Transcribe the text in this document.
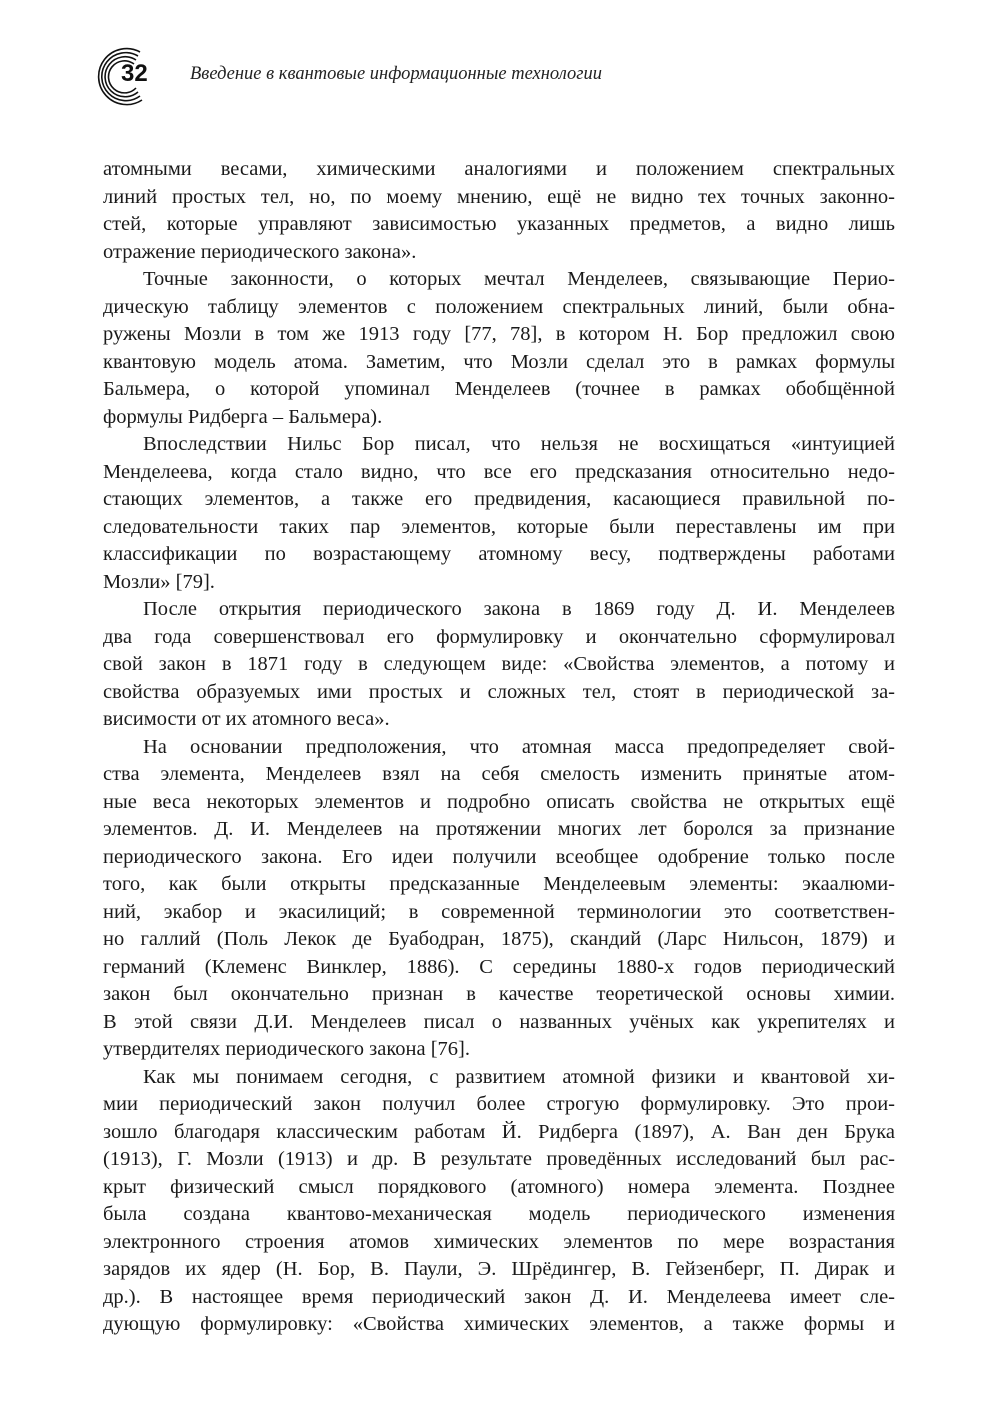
32 Введение в квантовые информационные технологии
атомными весами, химическими аналогиями и положением спектральных
линий простых тел, но, по моему мнению, ещё не видно тех точных законно-
стей, которые управляют зависимостью указанных предметов, а видно лишь
отражение периодического закона».
Точные законности, о которых мечтал Менделеев, связывающие Перио-
дическую таблицу элементов с положением спектральных линий, были обна-
ружены Мозли в том же 1913 году [77, 78], в котором Н. Бор предложил свою
квантовую модель атома. Заметим, что Мозли сделал это в рамках формулы
Бальмера, о которой упоминал Менделеев (точнее в рамках обобщённой
формулы Ридберга – Бальмера).
Впоследствии Нильс Бор писал, что нельзя не восхищаться «интуицией
Менделеева, когда стало видно, что все его предсказания относительно недо-
стающих элементов, а также его предвидения, касающиеся правильной по-
следовательности таких пар элементов, которые были переставлены им при
классификации по возрастающему атомному весу, подтверждены работами
Мозли» [79].
После открытия периодического закона в 1869 году Д. И. Менделеев
два года совершенствовал его формулировку и окончательно сформулировал
свой закон в 1871 году в следующем виде: «Свойства элементов, а потому и
свойства образуемых ими простых и сложных тел, стоят в периодической за-
висимости от их атомного веса».
На основании предположения, что атомная масса предопределяет свой-
ства элемента, Менделеев взял на себя смелость изменить принятые атом-
ные веса некоторых элементов и подробно описать свойства не открытых ещё
элементов. Д. И. Менделеев на протяжении многих лет боролся за признание
периодического закона. Его идеи получили всеобщее одобрение только после
того, как были открыты предсказанные Менделеевым элементы: экаалюми-
ний, экабор и экасилиций; в современной терминологии это соответствен-
но галлий (Поль Лекок де Буабодран, 1875), скандий (Ларс Нильсон, 1879) и
германий (Клеменс Винклер, 1886). С середины 1880-х годов периодический
закон был окончательно признан в качестве теоретической основы химии.
В этой связи Д.И. Менделеев писал о названных учёных как укрепителях и
утвердителях периодического закона [76].
Как мы понимаем сегодня, с развитием атомной физики и квантовой хи-
мии периодический закон получил более строгую формулировку. Это прои-
зошло благодаря классическим работам Й. Ридберга (1897), А. Ван ден Брука
(1913), Г. Мозли (1913) и др. В результате проведённых исследований был рас-
крыт физический смысл порядкового (атомного) номера элемента. Позднее
была создана квантово-механическая модель периодического изменения
электронного строения атомов химических элементов по мере возрастания
зарядов их ядер (Н. Бор, В. Паули, Э. Шрёдингер, В. Гейзенберг, П. Дирак и
др.). В настоящее время периодический закон Д. И. Менделеева имеет сле-
дующую формулировку: «Свойства химических элементов, а также формы и
